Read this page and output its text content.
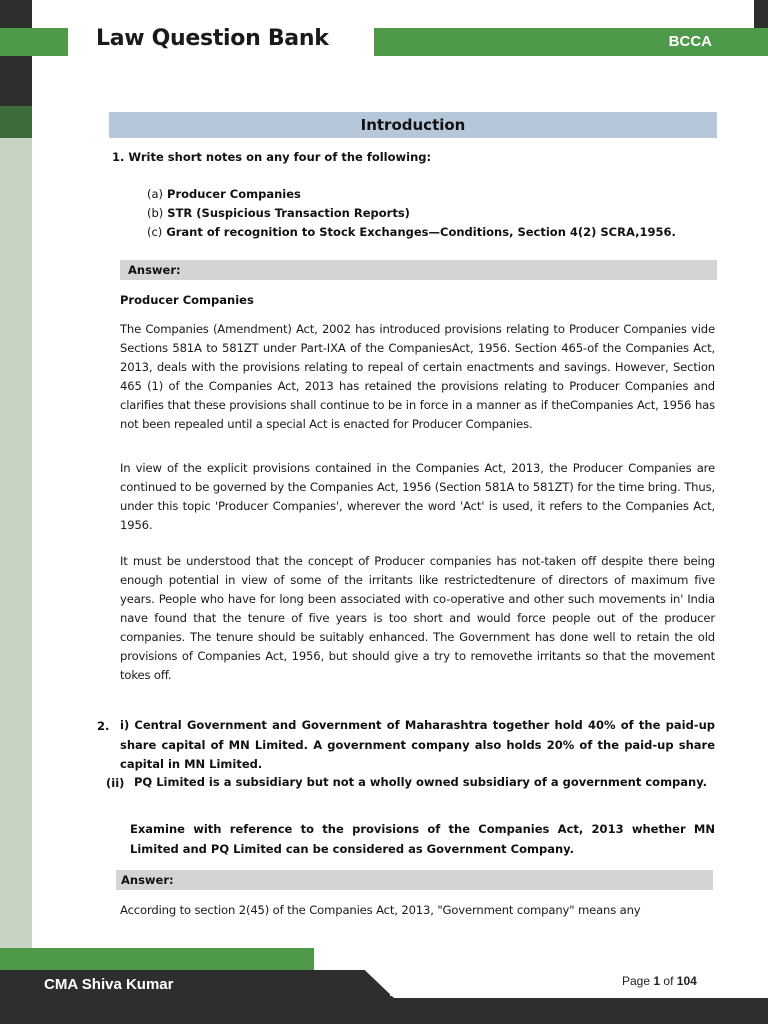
Law Question Bank	BCCA
Introduction
1. Write short notes on any four of the following:
(a) Producer Companies
(b) STR (Suspicious Transaction Reports)
(c) Grant of recognition to Stock Exchanges—Conditions, Section 4(2) SCRA,1956.
Answer:
Producer Companies
The Companies (Amendment) Act, 2002 has introduced provisions relating to Producer Companies vide Sections 581A to 581ZT under Part-IXA of the CompaniesAct, 1956. Section 465-of the Companies Act, 2013, deals with the provisions relating to repeal of certain enactments and savings. However, Section 465 (1) of the Companies Act, 2013 has retained the provisions relating to Producer Companies and clarifies that these provisions shall continue to be in force in a manner as if theCompanies Act, 1956 has not been repealed until a special Act is enacted for Producer Companies.
In view of the explicit provisions contained in the Companies Act, 2013, the Producer Companies are continued to be governed by the Companies Act, 1956 (Section 581A to 581ZT) for the time bring. Thus, under this topic 'Producer Companies', wherever the word 'Act' is used, it refers to the Companies Act, 1956.
It must be understood that the concept of Producer companies has not-taken off despite there being enough potential in view of some of the irritants like restrictedtenure of directors of maximum five years. People who have for long been associated with co-operative and other such movements in' India nave found that the tenure of five years is too short and would force people out of the producer companies. The tenure should be suitably enhanced. The Government has done well to retain the old provisions of Companies Act, 1956, but should give a try to removethe irritants so that the movement tokes off.
2. i) Central Government and Government of Maharashtra together hold 40% of the paid-up share capital of MN Limited. A government company also holds 20% of the paid-up share capital in MN Limited.
(ii) PQ Limited is a subsidiary but not a wholly owned subsidiary of a government company.
Examine with reference to the provisions of the Companies Act, 2013 whether MN Limited and PQ Limited can be considered as Government Company.
Answer:
According to section 2(45) of the Companies Act, 2013, "Government company" means any
CMA Shiva Kumar	Page 1 of 104
